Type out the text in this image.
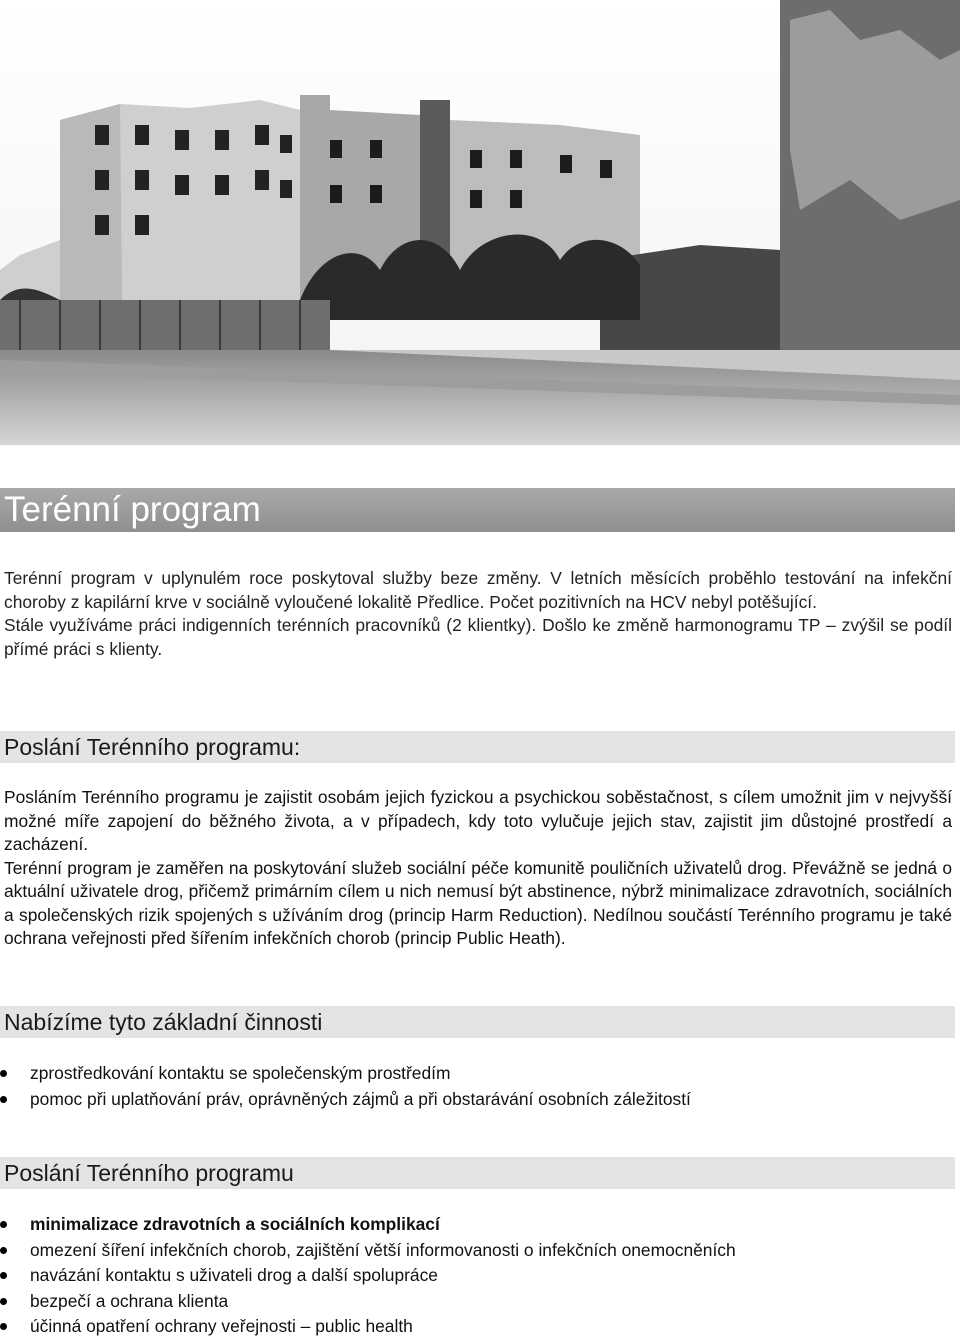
Terénní program

Terénní program v uplynulém roce poskytoval služby beze změny. V letních měsících proběhlo testování na infekční choroby z kapilární krve v sociálně vyloučené lokalitě Předlice. Počet pozitivních na HCV nebyl potěšující.

Stále využíváme práci indigenních terénních pracovníků (2 klientky). Došlo ke změně harmonogramu TP – zvýšil se podíl přímé práci s klienty.

Poslání Terénního programu:

Posláním Terénního programu je zajistit osobám jejich fyzickou a psychickou soběstačnost, s cílem umožnit jim v nejvyšší možné míře zapojení do běžného života, a v případech, kdy toto vylučuje jejich stav, zajistit jim důstojné prostředí a zacházení.

Terénní program je zaměřen na poskytování služeb sociální péče komunitě pouličních uživatelů drog. Převážně se jedná o aktuální uživatele drog, přičemž primárním cílem u nich nemusí být abstinence, nýbrž minimalizace zdravotních, sociálních a společenských rizik spojených s užíváním drog (princip Harm Reduction). Nedílnou součástí Terénního programu je také ochrana veřejnosti před šířením infekčních chorob (princip Public Heath).

Nabízíme tyto základní činnosti
zprostředkování kontaktu se společenským prostředím
pomoc při uplatňování práv, oprávněných zájmů a při obstarávání osobních záležitostí
Poslání Terénního programu
minimalizace zdravotních a sociálních komplikací
omezení šíření infekčních chorob, zajištění větší informovanosti o infekčních onemocněních
navázání kontaktu s uživateli drog a další spolupráce
bezpečí a ochrana klienta
účinná opatření ochrany veřejnosti – public health
